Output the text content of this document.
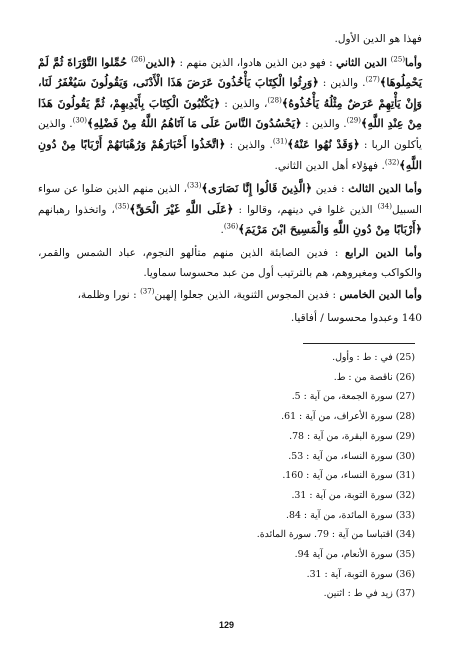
فهذا هو الدين الأول.

وأما$^{(25)}$ الدين الثاني : فهو دين الذين هادوا، الذين منهم : ﴿الذين$^{(26)}$ حُمِّلوا التَّوْرَاةَ ثُمَّ لَمْ يَحْمِلُوهَا﴾$^{(27)}$. والذين : ﴿وَرِثُوا الْكِتَابَ يَأْخُذُونَ عَرَضَ هَذَا الْأَدْنَى، وَيَقُولُونَ سَيُغْفَرُ لَنَا، وَإِنْ يَأْتِهِمْ عَرَضٌ مِثْلُهُ يَأْخُذُوهُ﴾$^{(28)}$، والذين : ﴿يَكْتُبُونَ الْكِتَابَ بِأَيْدِيهِمْ، ثُمَّ يَقُولُونَ هَذَا مِنْ عِنْدِ اللَّهِ﴾$^{(29)}$. والذين : ﴿يَحْسُدُونَ النَّاسَ عَلَى مَا آتَاهُمُ اللَّهُ مِنْ فَضْلِهِ﴾$^{(30)}$. والذين يأكلون الربا : ﴿وَقَدْ نُهُوا عَنْهُ﴾$^{(31)}$. والذين : ﴿اتَّخَذُوا أَحْبَارَهُمْ وَرُهْبَانَهُمْ أَرْبَابًا مِنْ دُونِ اللَّهِ﴾$^{(32)}$. فهؤلاء أهل الدين الثاني.

وأما الدين الثالث : فدين ﴿الَّذِينَ قَالُوا إِنَّا نَصَارَى﴾$^{(33)}$، الذين منهم الذين ضلوا عن سواء السبيل$^{(34)}$ الذين غلوا في دينهم، وقالوا : ﴿عَلَى اللَّهِ غَيْرَ الْحَقِّ﴾$^{(35)}$، واتخذوا رهبانهم ﴿أَرْبَابًا مِنْ دُونِ اللَّهِ وَالْمَسِيحَ ابْنَ مَرْيَمَ﴾$^{(36)}$.

وأما الدين الرابع : فدين الصابئة الذين منهم متألهو النجوم، عباد الشمس والقمر، والكواكب ومغيروهم، هم بالترتيب أول من عبد محسوسا سماويا.

وأما الدين الخامس : فدين المجوس الثنوية، الذين جعلوا إلهين$^{(37)}$ : نورا وظلمة،

140 وعبدوا محسوسا / أفاقيا.

(25) في : ط : وأول.
(26) ناقصة من : ط.
(27) سورة الجمعة، من آية : 5.
(28) سورة الأعراف، من آية : 61.
(29) سورة البقرة، من آية : 78.
(30) سورة النساء، من آية : 53.
(31) سورة النساء، من آية : 160.
(32) سورة التوبة، من آية : 31.
(33) سورة المائدة، من آية : 84.
(34) اقتباسا من آية : 79. سورة المائدة.
(35) سورة الأنعام، من آية 94.
(36) سورة التوبة، آية : 31.
(37) زيد في ط : اثنين.
129
